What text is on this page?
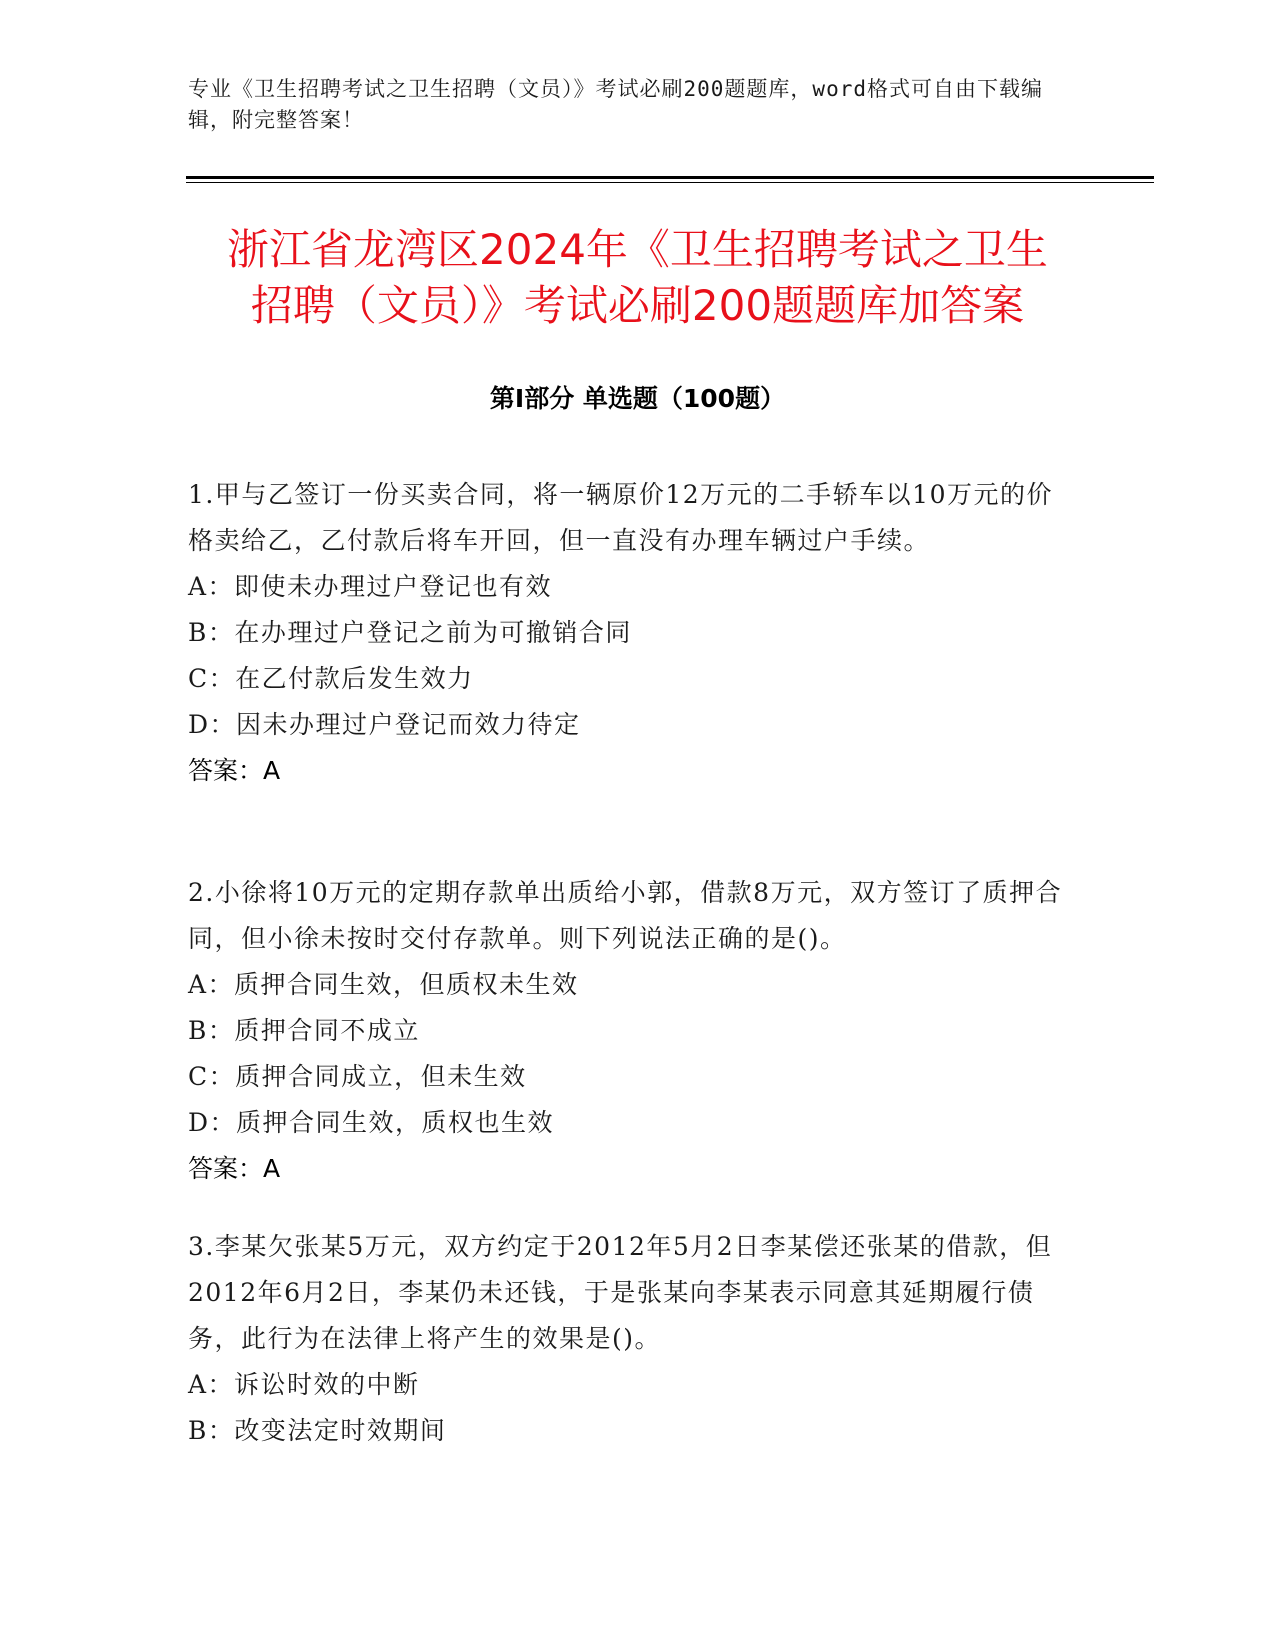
专业《卫生招聘考试之卫生招聘（文员）》考试必刷200题题库，word格式可自由下载编辑，附完整答案！
浙江省龙湾区2024年《卫生招聘考试之卫生
招聘（文员）》考试必刷200题题库加答案
第Ⅰ部分 单选题（100题）
1.甲与乙签订一份买卖合同，将一辆原价12万元的二手轿车以10万元的价格卖给乙，乙付款后将车开回，但一直没有办理车辆过户手续。
A：即使未办理过户登记也有效
B：在办理过户登记之前为可撤销合同
C：在乙付款后发生效力
D：因未办理过户登记而效力待定
答案：A
2.小徐将10万元的定期存款单出质给小郭，借款8万元，双方签订了质押合同，但小徐未按时交付存款单。则下列说法正确的是()。
A：质押合同生效，但质权未生效
B：质押合同不成立
C：质押合同成立，但未生效
D：质押合同生效，质权也生效
答案：A
3.李某欠张某5万元，双方约定于2012年5月2日李某偿还张某的借款，但2012年6月2日，李某仍未还钱，于是张某向李某表示同意其延期履行债务，此行为在法律上将产生的效果是()。
A：诉讼时效的中断
B：改变法定时效期间
